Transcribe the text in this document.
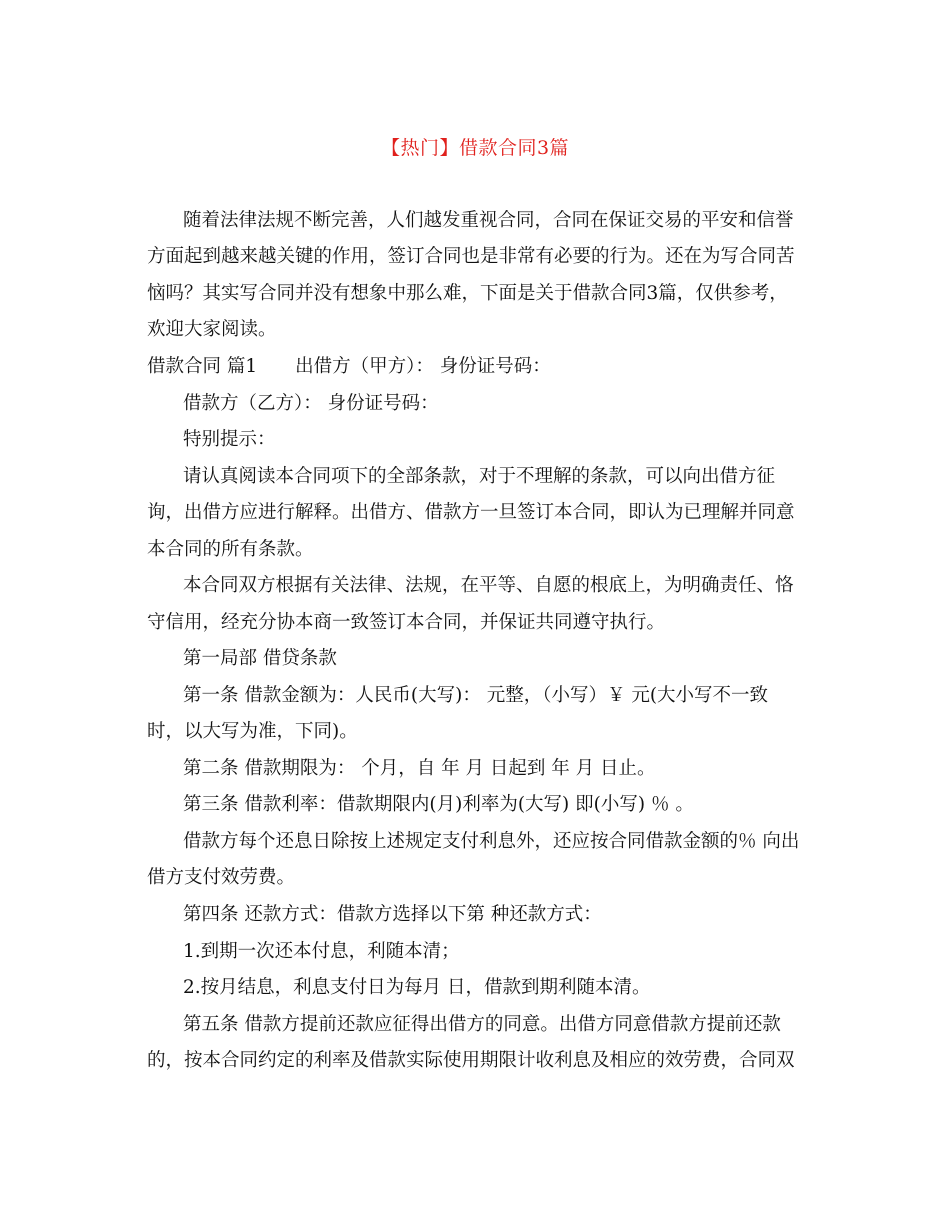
【热门】借款合同3篇
随着法律法规不断完善，人们越发重视合同，合同在保证交易的平安和信誉
方面起到越来越关键的作用，签订合同也是非常有必要的行为。还在为写合同苦
恼吗？其实写合同并没有想象中那么难，下面是关于借款合同3篇，仅供参考，
欢迎大家阅读。
借款合同 篇1 出借方（甲方）： 身份证号码：
借款方（乙方）： 身份证号码：
特别提示：
请认真阅读本合同项下的全部条款，对于不理解的条款，可以向出借方征
询，出借方应进行解释。出借方、借款方一旦签订本合同，即认为已理解并同意
本合同的所有条款。
本合同双方根据有关法律、法规，在平等、自愿的根底上，为明确责任、恪
守信用，经充分协本商一致签订本合同，并保证共同遵守执行。
第一局部 借贷条款
第一条 借款金额为：人民币(大写)： 元整，（小写）￥ 元(大小写不一致
时，以大写为准，下同)。
第二条 借款期限为： 个月，自 年 月 日起到 年 月 日止。
第三条 借款利率：借款期限内(月)利率为(大写) 即(小写) ％ 。
借款方每个还息日除按上述规定支付利息外，还应按合同借款金额的％ 向出
借方支付效劳费。
第四条 还款方式：借款方选择以下第 种还款方式：
1.到期一次还本付息，利随本清；
2.按月结息，利息支付日为每月 日，借款到期利随本清。
第五条 借款方提前还款应征得出借方的同意。出借方同意借款方提前还款
的，按本合同约定的利率及借款实际使用期限计收利息及相应的效劳费，合同双
